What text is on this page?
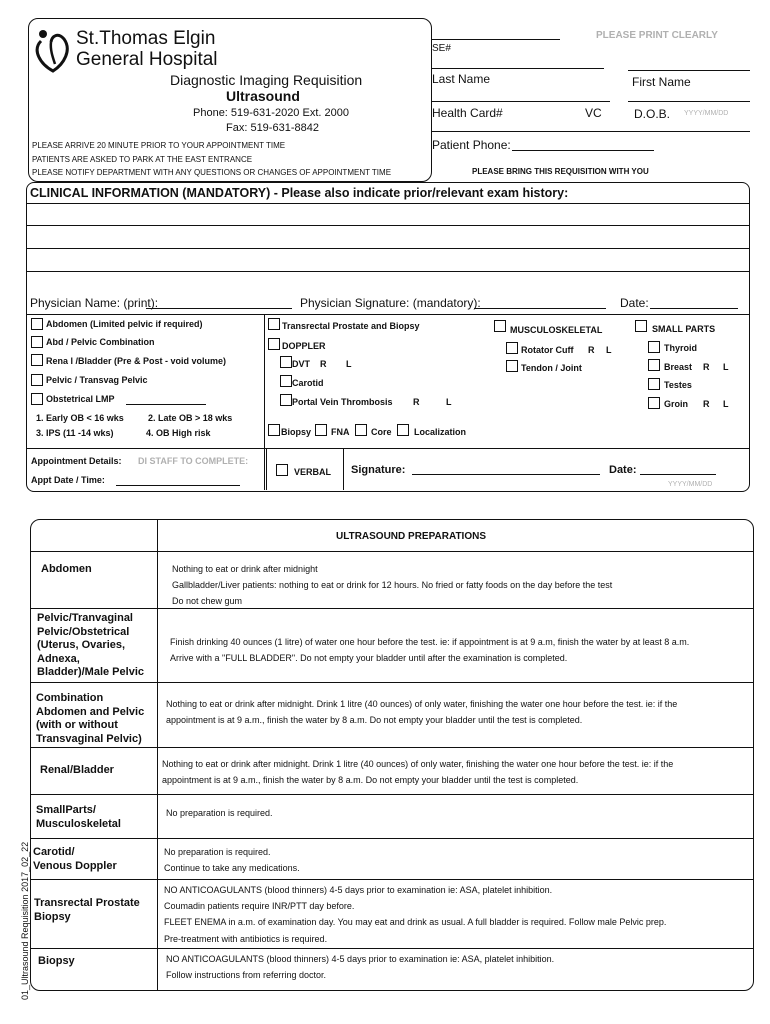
St.Thomas Elgin
General Hospital
Diagnostic Imaging Requisition
Ultrasound
Phone: 519-631-2020 Ext. 2000
Fax: 519-631-8842
PLEASE ARRIVE 20 MINUTE PRIOR TO YOUR APPOINTMENT TIME
PATIENTS ARE ASKED TO PARK AT THE EAST ENTRANCE
PLEASE NOTIFY DEPARTMENT WITH ANY QUESTIONS OR CHANGES OF APPOINTMENT TIME
PLEASE PRINT CLEARLY
SE#
Last Name	First Name
Health Card#	VC	D.O.B. YYYY/MM/DD
Patient Phone:
PLEASE BRING THIS REQUISITION WITH YOU
CLINICAL INFORMATION (MANDATORY) - Please also indicate prior/relevant exam history:
Physician Name: (print):	Physician Signature: (mandatory):	Date:
Abdomen (Limited pelvic if required)
Abd / Pelvic Combination
Rena l /Bladder (Pre & Post - void volume)
Pelvic / Transvag Pelvic
Obstetrical LMP
1. Early OB < 16 wks	2. Late OB > 18 wks
3. IPS (11 -14 wks)	4. OB High risk
Transrectal Prostate and Biopsy
DOPPLER
DVT R L
Carotid
Portal Vein Thrombosis R	L
Biopsy FNA Core Localization
MUSCULOSKELETAL
Rotator Cuff R L
Tendon / Joint
SMALL PARTS
Thyroid
Breast R L
Testes
Groin R L
Appointment Details: DI STAFF TO COMPLETE:
Appt Date / Time:
VERBAL Signature:	Date:
YYYY/MM/DD
ULTRASOUND PREPARATIONS
Abdomen	Nothing to eat or drink after midnight
Gallbladder/Liver patients: nothing to eat or drink for 12 hours. No fried or fatty foods on the day before the test
Do not chew gum
Pelvic/Tranvaginal
Pelvic/Obstetrical
(Uterus, Ovaries,
Adnexa,
Bladder)/Male Pelvic
Finish drinking 40 ounces (1 litre) of water one hour before the test. ie: if appointment is at 9 a.m, finish the water by at least 8 a.m.
Arrive with a "FULL BLADDER". Do not empty your bladder until after the examination is completed.
Combination
Abdomen and Pelvic
(with or without
Transvaginal Pelvic)
Nothing to eat or drink after midnight. Drink 1 litre (40 ounces) of only water, finishing the water one hour before the test. ie: if the
appointment is at 9 a.m., finish the water by 8 a.m. Do not empty your bladder until the test is completed.
Renal/Bladder	Nothing to eat or drink after midnight. Drink 1 litre (40 ounces) of only water, finishing the water one hour before the test. ie: if the
appointment is at 9 a.m., finish the water by 8 a.m. Do not empty your bladder until the test is completed.
SmallParts/
Musculoskeletal
No preparation is required.
Carotid/
Venous Doppler
No preparation is required.
Continue to take any medications.
Transrectal Prostate
Biopsy
NO ANTICOAGULANTS (blood thinners) 4-5 days prior to examination ie: ASA, platelet inhibition.
Coumadin patients require INR/PTT day before.
FLEET ENEMA in a.m. of examination day. You may eat and drink as usual. A full bladder is required. Follow male Pelvic prep.
Pre-treatment with antibiotics is required.
Biopsy	NO ANTICOAGULANTS (blood thinners) 4-5 days prior to examination ie: ASA, platelet inhibition.
Follow instructions from referring doctor.
01_Ultrasound Requisition 2017_02_22
